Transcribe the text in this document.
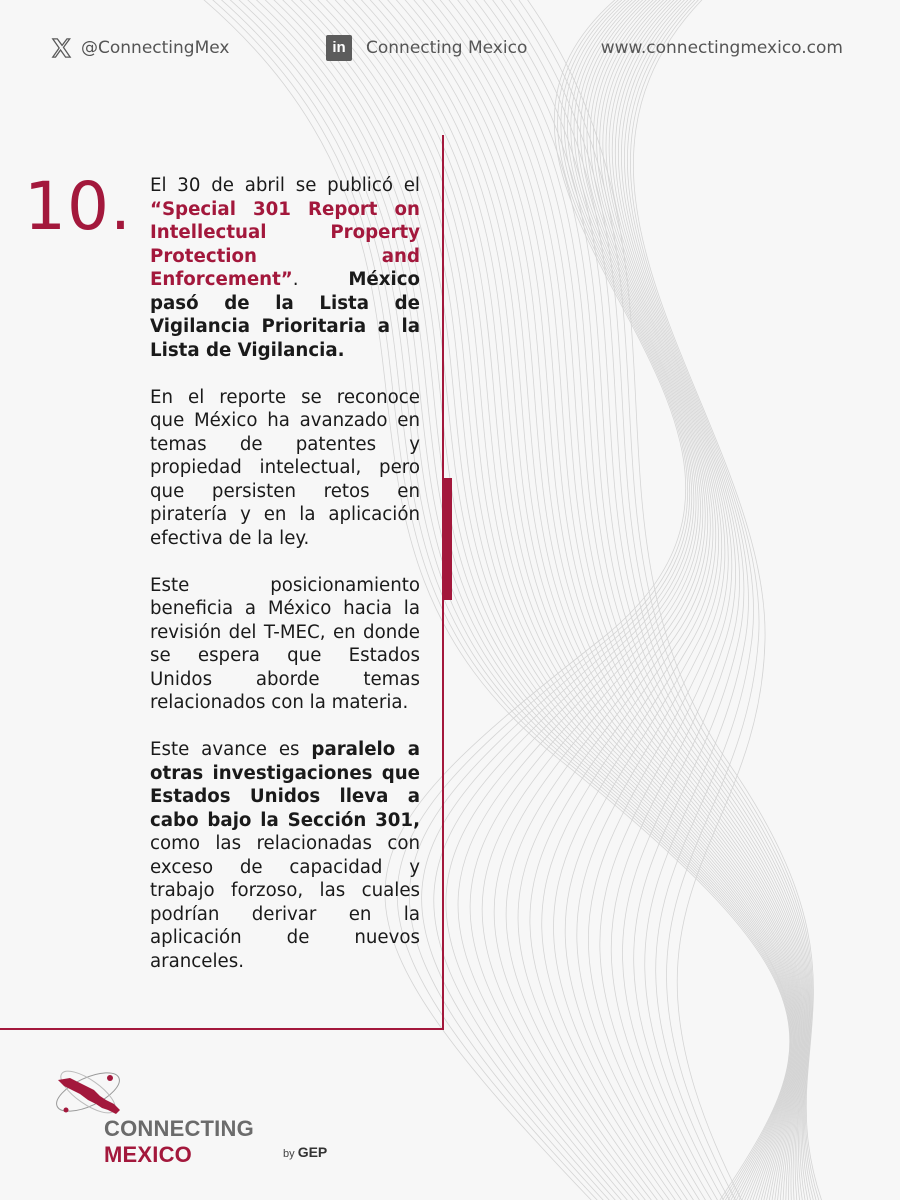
@ConnectingMex	in	Connecting Mexico	www.connectingmexico.com
10. El 30 de abril se publicó el “Special 301 Report on Intellectual Property Protection and Enforcement”. México pasó de la Lista de Vigilancia Prioritaria a la Lista de Vigilancia.

En el reporte se reconoce que México ha avanzado en temas de patentes y propiedad intelectual, pero que persisten retos en piratería y en la aplicación efectiva de la ley.

Este posicionamiento beneficia a México hacia la revisión del T-MEC, en donde se espera que Estados Unidos aborde temas relacionados con la materia.

Este avance es paralelo a otras investigaciones que Estados Unidos lleva a cabo bajo la Sección 301, como las relacionadas con exceso de capacidad y trabajo forzoso, las cuales podrían derivar en la aplicación de nuevos aranceles.

CONNECTING MEXICO	by GEP
